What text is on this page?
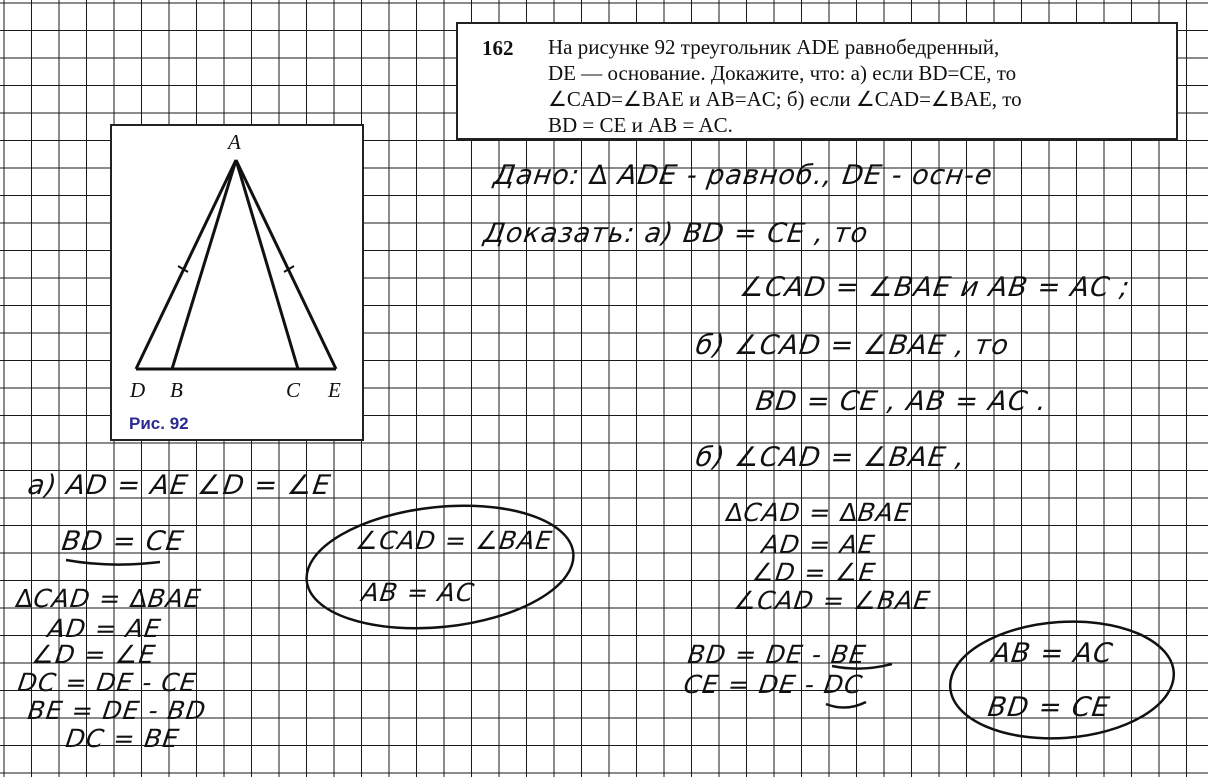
162 На рисунке 92 треугольник ADE равнобедренный,
DE — основание. Докажите, что: а) если BD=CE, то
∠CAD=∠BAE и AB=AC; б) если ∠CAD=∠BAE, то
BD = CE и AB = AC.
A
D B	C E
Рис. 92
Дано: ∆ ADE - равноб., DE - осн-е
Доказать: а) BD = CE , то
∠CAD = ∠BAE и AB = AC ;
б) ∠CAD = ∠BAE , то
BD = CE , AB = AC .
а) AD = AE ∠D = ∠E
BD = CE
∆CAD = ∆BAE
AD = AE
∠D = ∠E
DC = DE - CE
BE = DE - BD
DC = BE
∠CAD = ∠BAE
AB = AC
б) ∠CAD = ∠BAE ,
∆CAD = ∆BAE
AD = AE
∠D = ∠E
∠CAD = ∠BAE
BD = DE - BE
CE = DE - DC
AB = AC
BD = CE
